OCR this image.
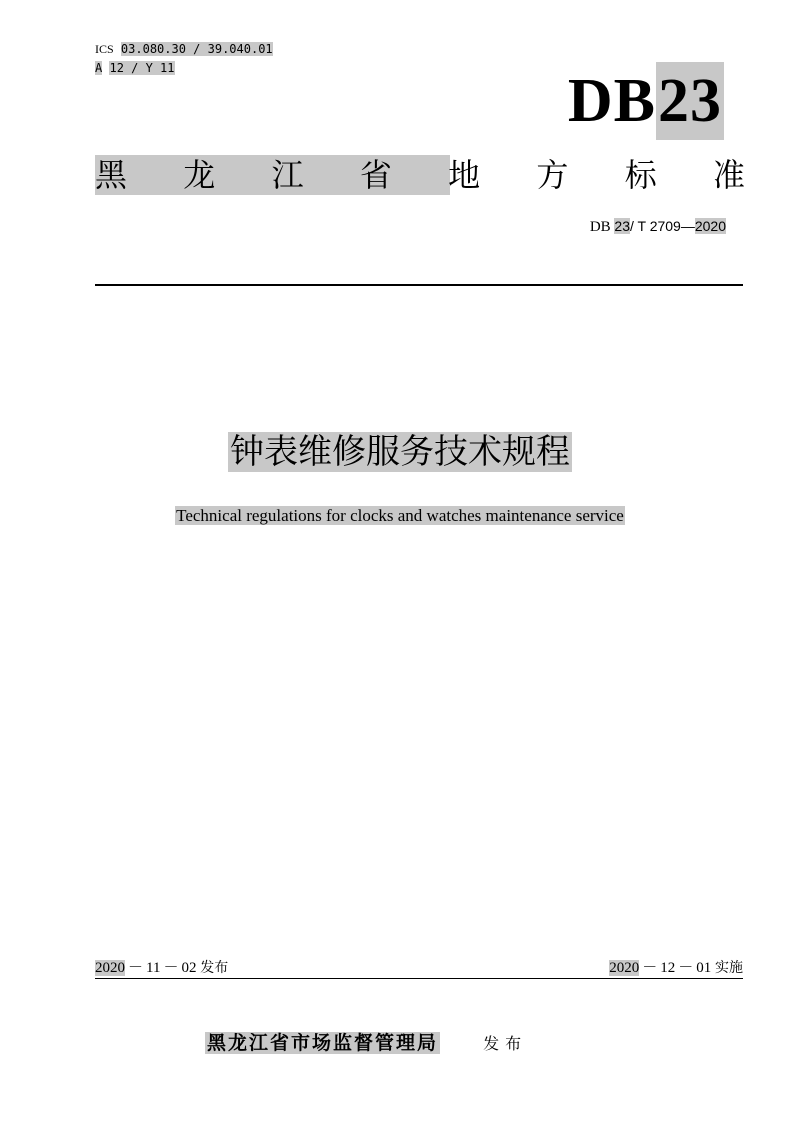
ICS 03.080.30 / 39.040.01
A 12 / Y 11	DB 23
黑 龙 江 省 地 方 标 准
DB 23/ T 2709—2020
钟表维修服务技术规程
Technical regulations for clocks and watches maintenance service
2020 － 11 － 02 发布	2020 － 12 － 01 实施
黑龙江省市场监督管理局	发布
